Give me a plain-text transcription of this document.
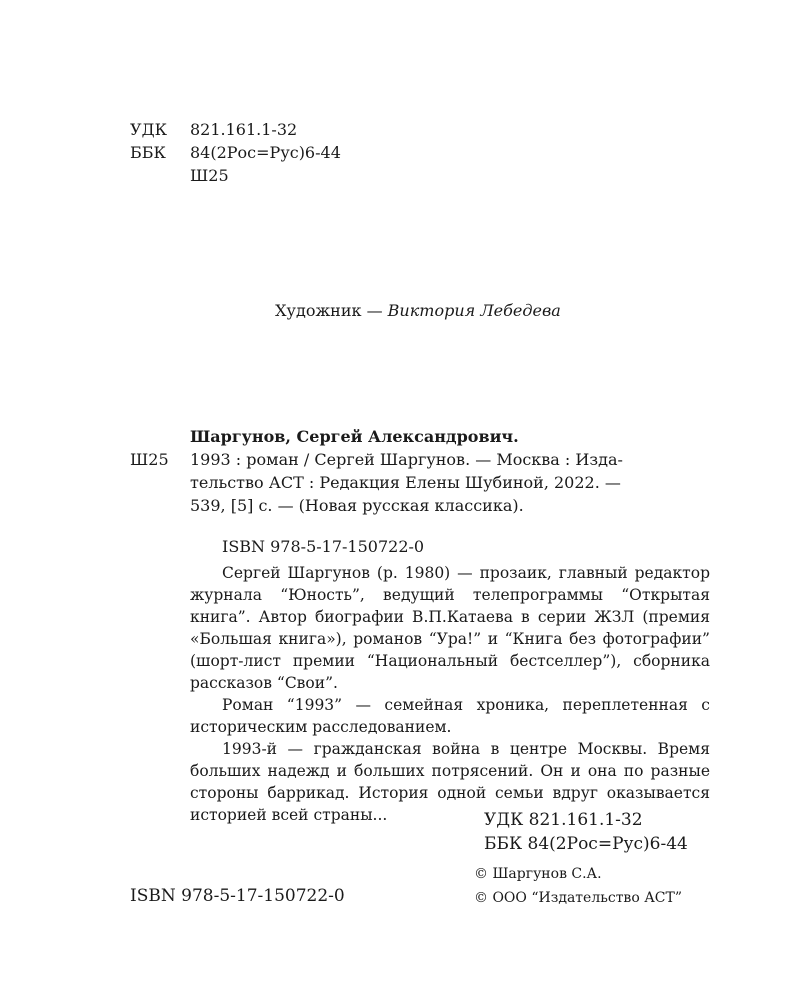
УДК	821.161.1-32
ББК	84(2Рос=Рус)6-44
Ш25
Художник — Виктория Лебедева
Шаргунов, Сергей Александрович.
Ш25	1993 : роман / Сергей Шаргунов. — Москва : Изда-
тельство АСТ : Редакция Елены Шубиной, 2022. —
539, [5] с. — (Новая русская классика).
ISBN 978-5-17-150722-0
Сергей Шаргунов (р. 1980) — прозаик, главный редактор журнала “Юность”, ведущий телепрограммы “Открытая книга”. Автор биографии В.П.Катаева в серии ЖЗЛ (премия «Большая книга»), романов “Ура!” и “Книга без фотографии” (шорт-лист премии “Национальный бестселлер”), сборника рассказов “Свои”.
Роман “1993” — семейная хроника, переплетенная с историческим расследованием.
1993-й — гражданская война в центре Москвы. Время больших надежд и больших потрясений. Он и она по разные стороны баррикад. История одной семьи вдруг оказывается историей всей страны...	УДК 821.161.1-32
ББК 84(2Рос=Рус)6-44
ISBN 978-5-17-150722-0
© Шаргунов С.А.
© ООО “Издательство АСТ”
